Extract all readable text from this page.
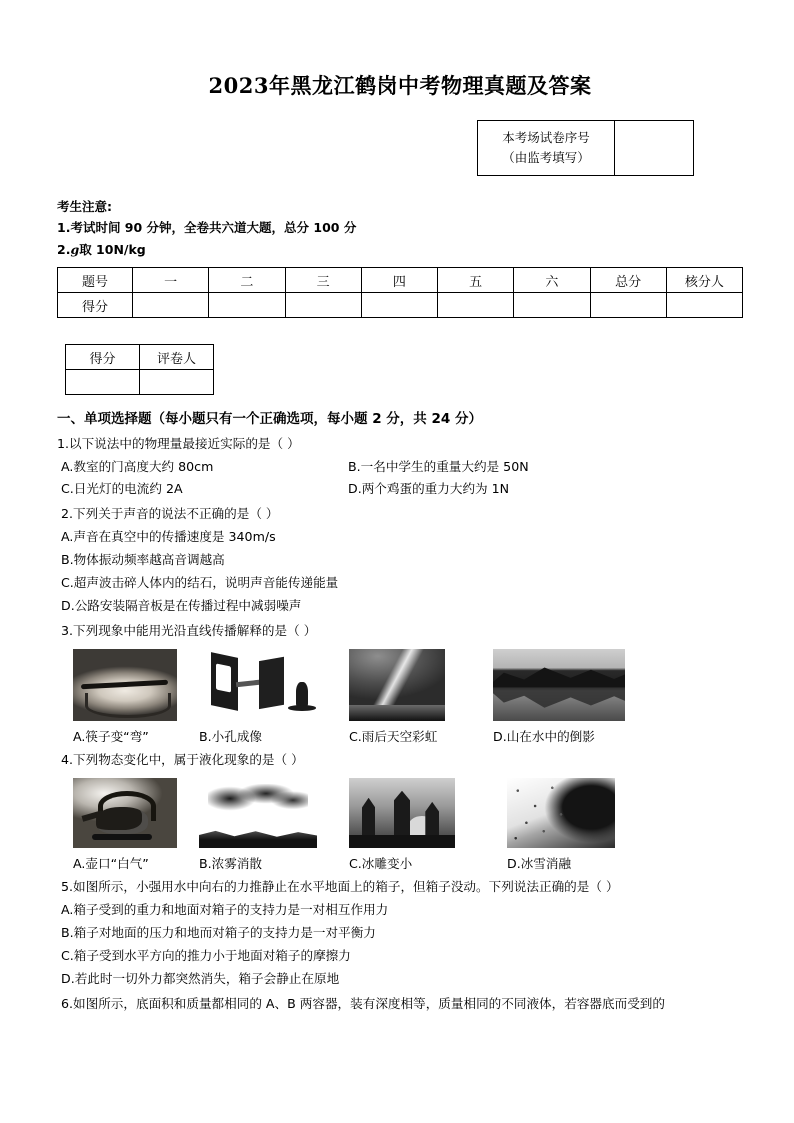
2023年黑龙江鹤岗中考物理真题及答案
本考场试卷序号
（由监考填写）

考生注意:
1.考试时间 90 分钟，全卷共六道大题，总分 100 分
2.g取 10N/kg
题号	一	二	三	四	五	六	总分	核分人
得分								
得分	评卷人

一、单项选择题（每小题只有一个正确选项，每小题 2 分，共 24 分）
1.以下说法中的物理量最接近实际的是（ ）
A.教室的门高度大约 80cm	B.一名中学生的重量大约是 50N
C.日光灯的电流约 2A	D.两个鸡蛋的重力大约为 1N
2.下列关于声音的说法不正确的是（ ）
A.声音在真空中的传播速度是 340m/s
B.物体振动频率越高音调越高
C.超声波击碎人体内的结石，说明声音能传递能量
D.公路安装隔音板是在传播过程中减弱噪声
3.下列现象中能用光沿直线传播解释的是（ ）
A.筷子变“弯”	B.小孔成像	C.雨后天空彩虹	D.山在水中的倒影
4.下列物态变化中，属于液化现象的是（ ）
A.壶口“白气”	B.浓雾消散	C.冰雕变小	D.冰雪消融
5.如图所示，小强用水中向右的力推静止在水平地面上的箱子，但箱子没动。下列说法正确的是（ ）
A.箱子受到的重力和地面对箱子的支持力是一对相互作用力
B.箱子对地面的压力和地而对箱子的支持力是一对平衡力
C.箱子受到水平方向的推力小于地面对箱子的摩擦力
D.若此时一切外力都突然消失，箱子会静止在原地
6.如图所示，底面积和质量都相同的 A、B 两容器，装有深度相等，质量相同的不同液体，若容器底而受到的
